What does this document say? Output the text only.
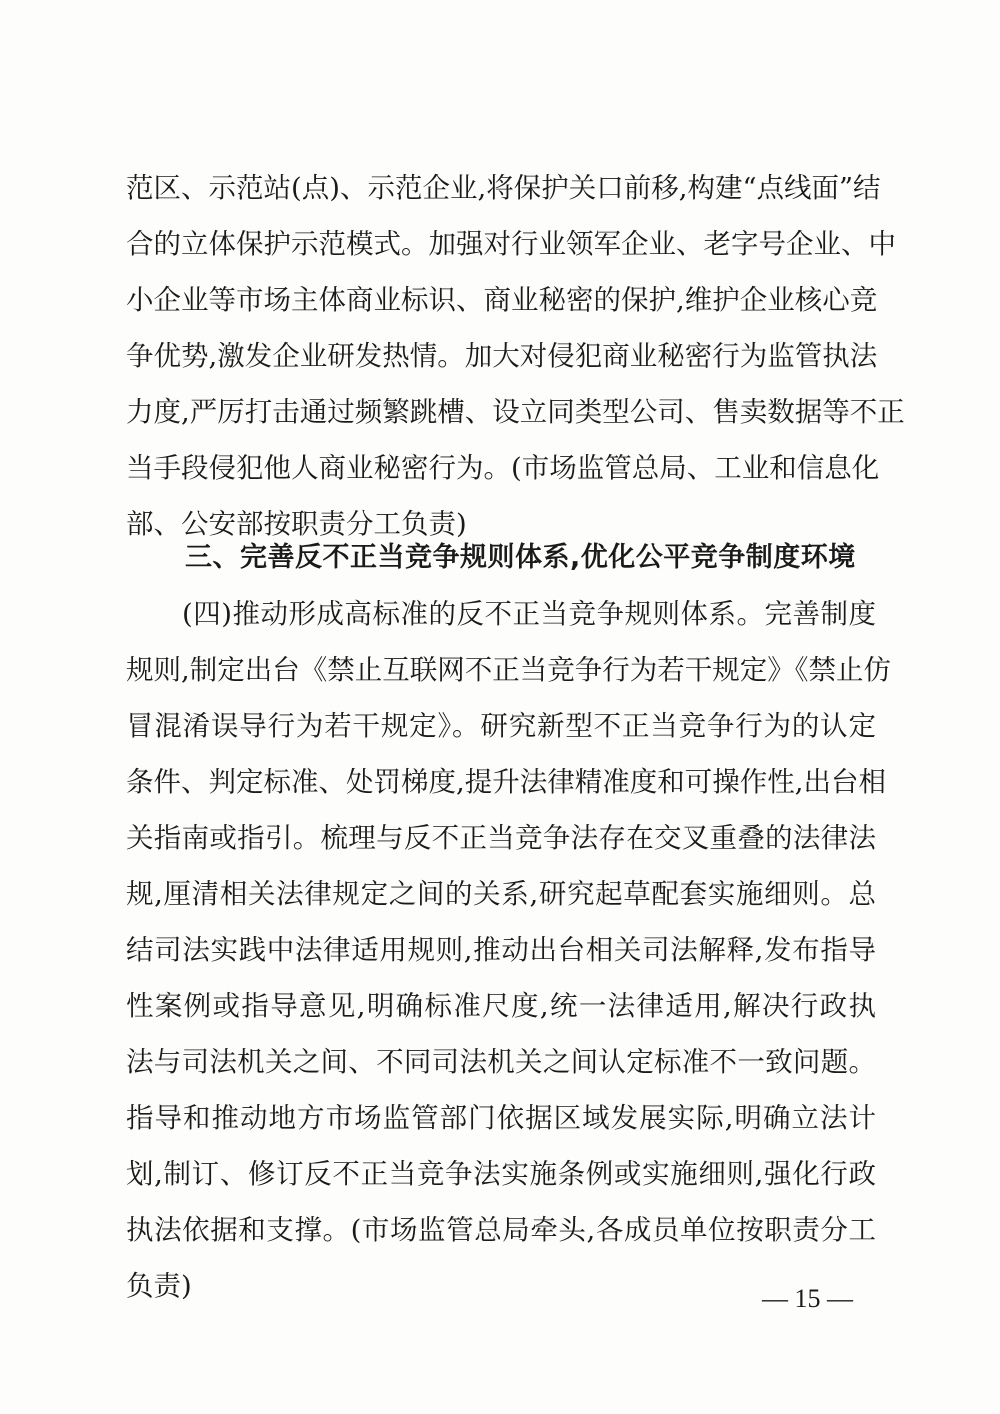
范区、示范站(点)、示范企业,将保护关口前移,构建“点线面”结
合的立体保护示范模式。加强对行业领军企业、老字号企业、中
小企业等市场主体商业标识、商业秘密的保护,维护企业核心竞
争优势,激发企业研发热情。加大对侵犯商业秘密行为监管执法
力度,严厉打击通过频繁跳槽、设立同类型公司、售卖数据等不正
当手段侵犯他人商业秘密行为。(市场监管总局、工业和信息化
部、公安部按职责分工负责)
三、完善反不正当竞争规则体系,优化公平竞争制度环境
(四)推动形成高标准的反不正当竞争规则体系。完善制度
规则,制定出台《禁止互联网不正当竞争行为若干规定》《禁止仿
冒混淆误导行为若干规定》。研究新型不正当竞争行为的认定
条件、判定标准、处罚梯度,提升法律精准度和可操作性,出台相
关指南或指引。梳理与反不正当竞争法存在交叉重叠的法律法
规,厘清相关法律规定之间的关系,研究起草配套实施细则。总
结司法实践中法律适用规则,推动出台相关司法解释,发布指导
性案例或指导意见,明确标准尺度,统一法律适用,解决行政执
法与司法机关之间、不同司法机关之间认定标准不一致问题。
指导和推动地方市场监管部门依据区域发展实际,明确立法计
划,制订、修订反不正当竞争法实施条例或实施细则,强化行政
执法依据和支撑。(市场监管总局牵头,各成员单位按职责分工
负责)	— 15 —
